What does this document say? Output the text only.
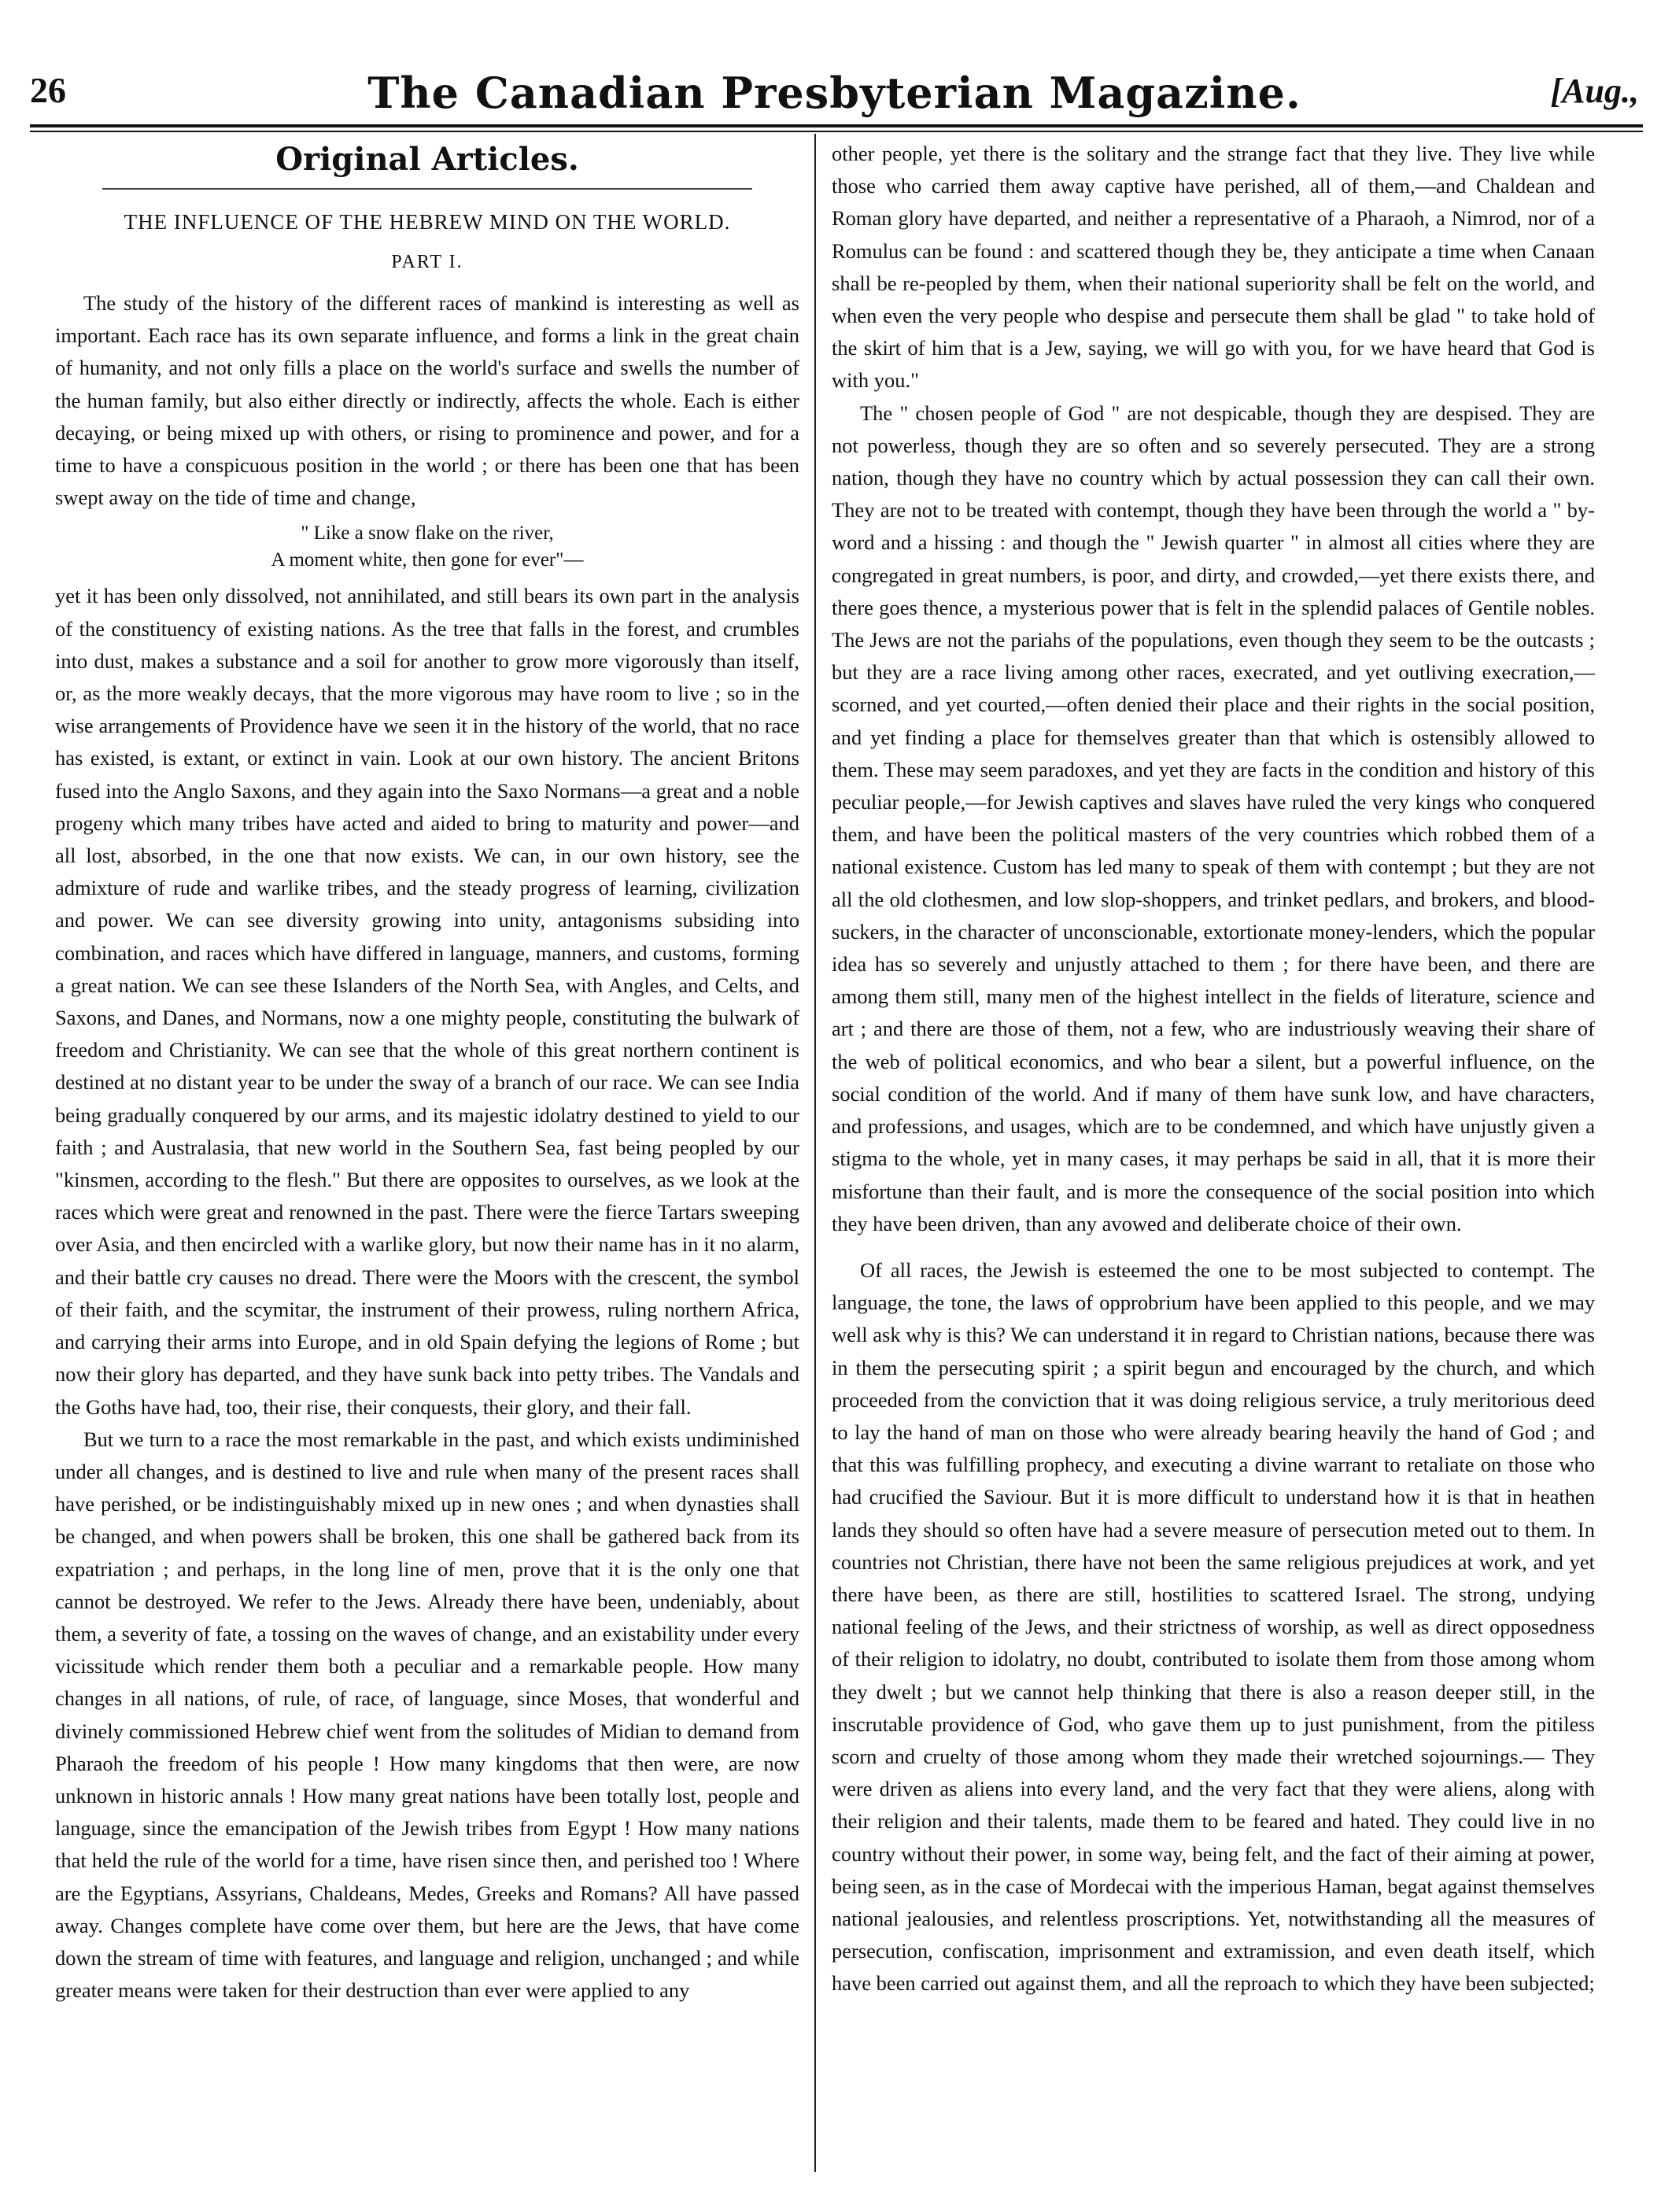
26	The Canadian Presbyterian Magazine.	[Aug.,
Original Articles.
THE INFLUENCE OF THE HEBREW MIND ON THE WORLD.
PART I.

The study of the history of the different races of mankind is interesting as well as important. Each race has its own separate influence, and forms a link in the great chain of humanity, and not only fills a place on the world's surface and swells the number of the human family, but also either directly or indirectly, affects the whole. Each is either decaying, or being mixed up with others, or rising to prominence and power, and for a time to have a conspicuous position in the world ; or there has been one that has been swept away on the tide of time and change,

" Like a snow flake on the river,
A moment white, then gone for ever"—

yet it has been only dissolved, not annihilated, and still bears its own part in the analysis of the constituency of existing nations. As the tree that falls in the forest, and crumbles into dust, makes a substance and a soil for another to grow more vigorously than itself, or, as the more weakly decays, that the more vigorous may have room to live ; so in the wise arrangements of Providence have we seen it in the history of the world, that no race has existed, is extant, or extinct in vain. Look at our own history. The ancient Britons fused into the Anglo Saxons, and they again into the Saxo Normans—a great and a noble progeny which many tribes have acted and aided to bring to maturity and power—and all lost, absorbed, in the one that now exists. We can, in our own history, see the admixture of rude and warlike tribes, and the steady progress of learning, civilization and power. We can see diversity growing into unity, antagonisms subsiding into combination, and races which have differed in language, manners, and customs, forming a great nation. We can see these Islanders of the North Sea, with Angles, and Celts, and Saxons, and Danes, and Normans, now a one mighty people, constituting the bulwark of freedom and Christianity. We can see that the whole of this great northern continent is destined at no distant year to be under the sway of a branch of our race. We can see India being gradually conquered by our arms, and its majestic idolatry destined to yield to our faith ; and Australasia, that new world in the Southern Sea, fast being peopled by our "kinsmen, according to the flesh." But there are opposites to ourselves, as we look at the races which were great and renowned in the past. There were the fierce Tartars sweeping over Asia, and then encircled with a warlike glory, but now their name has in it no alarm, and their battle cry causes no dread. There were the Moors with the crescent, the symbol of their faith, and the scymitar, the instrument of their prowess, ruling northern Africa, and carrying their arms into Europe, and in old Spain defying the legions of Rome ; but now their glory has departed, and they have sunk back into petty tribes. The Vandals and the Goths have had, too, their rise, their conquests, their glory, and their fall.

But we turn to a race the most remarkable in the past, and which exists undiminished under all changes, and is destined to live and rule when many of the present races shall have perished, or be indistinguishably mixed up in new ones ; and when dynasties shall be changed, and when powers shall be broken, this one shall be gathered back from its expatriation ; and perhaps, in the long line of men, prove that it is the only one that cannot be destroyed. We refer to the Jews. Already there have been, undeniably, about them, a severity of fate, a tossing on the waves of change, and an existability under every vicissitude which render them both a peculiar and a remarkable people. How many changes in all nations, of rule, of race, of language, since Moses, that wonderful and divinely commissioned Hebrew chief went from the solitudes of Midian to demand from Pharaoh the freedom of his people ! How many kingdoms that then were, are now unknown in historic annals ! How many great nations have been totally lost, people and language, since the emancipation of the Jewish tribes from Egypt ! How many nations that held the rule of the world for a time, have risen since then, and perished too ! Where are the Egyptians, Assyrians, Chaldeans, Medes, Greeks and Romans? All have passed away. Changes complete have come over them, but here are the Jews, that have come down the stream of time with features, and language and religion, unchanged ; and while greater means were taken for their destruction than ever were applied to any

other people, yet there is the solitary and the strange fact that they live. They live while those who carried them away captive have perished, all of them,—and Chaldean and Roman glory have departed, and neither a representative of a Pharaoh, a Nimrod, nor of a Romulus can be found : and scattered though they be, they anticipate a time when Canaan shall be re-peopled by them, when their national superiority shall be felt on the world, and when even the very people who despise and persecute them shall be glad " to take hold of the skirt of him that is a Jew, saying, we will go with you, for we have heard that God is with you."

The " chosen people of God " are not despicable, though they are despised. They are not powerless, though they are so often and so severely persecuted. They are a strong nation, though they have no country which by actual possession they can call their own. They are not to be treated with contempt, though they have been through the world a " by-word and a hissing : and though the " Jewish quarter " in almost all cities where they are congregated in great numbers, is poor, and dirty, and crowded,—yet there exists there, and there goes thence, a mysterious power that is felt in the splendid palaces of Gentile nobles. The Jews are not the pariahs of the populations, even though they seem to be the outcasts ; but they are a race living among other races, execrated, and yet outliving execration,—scorned, and yet courted,—often denied their place and their rights in the social position, and yet finding a place for themselves greater than that which is ostensibly allowed to them. These may seem paradoxes, and yet they are facts in the condition and history of this peculiar people,—for Jewish captives and slaves have ruled the very kings who conquered them, and have been the political masters of the very countries which robbed them of a national existence. Custom has led many to speak of them with contempt ; but they are not all the old clothesmen, and low slop-shoppers, and trinket pedlars, and brokers, and blood-suckers, in the character of unconscionable, extortionate money-lenders, which the popular idea has so severely and unjustly attached to them ; for there have been, and there are among them still, many men of the highest intellect in the fields of literature, science and art ; and there are those of them, not a few, who are industriously weaving their share of the web of political economics, and who bear a silent, but a powerful influence, on the social condition of the world. And if many of them have sunk low, and have characters, and professions, and usages, which are to be condemned, and which have unjustly given a stigma to the whole, yet in many cases, it may perhaps be said in all, that it is more their misfortune than their fault, and is more the consequence of the social position into which they have been driven, than any avowed and deliberate choice of their own.

Of all races, the Jewish is esteemed the one to be most subjected to contempt. The language, the tone, the laws of opprobrium have been applied to this people, and we may well ask why is this? We can understand it in regard to Christian nations, because there was in them the persecuting spirit ; a spirit begun and encouraged by the church, and which proceeded from the conviction that it was doing religious service, a truly meritorious deed to lay the hand of man on those who were already bearing heavily the hand of God ; and that this was fulfilling prophecy, and executing a divine warrant to retaliate on those who had crucified the Saviour. But it is more difficult to understand how it is that in heathen lands they should so often have had a severe measure of persecution meted out to them. In countries not Christian, there have not been the same religious prejudices at work, and yet there have been, as there are still, hostilities to scattered Israel. The strong, undying national feeling of the Jews, and their strictness of worship, as well as direct opposedness of their religion to idolatry, no doubt, contributed to isolate them from those among whom they dwelt ; but we cannot help thinking that there is also a reason deeper still, in the inscrutable providence of God, who gave them up to just punishment, from the pitiless scorn and cruelty of those among whom they made their wretched sojournings.— They were driven as aliens into every land, and the very fact that they were aliens, along with their religion and their talents, made them to be feared and hated. They could live in no country without their power, in some way, being felt, and the fact of their aiming at power, being seen, as in the case of Mordecai with the imperious Haman, begat against themselves national jealousies, and relentless proscriptions. Yet, notwithstanding all the measures of persecution, confiscation, imprisonment and extramission, and even death itself, which have been carried out against them, and all the reproach to which they have been subjected;
